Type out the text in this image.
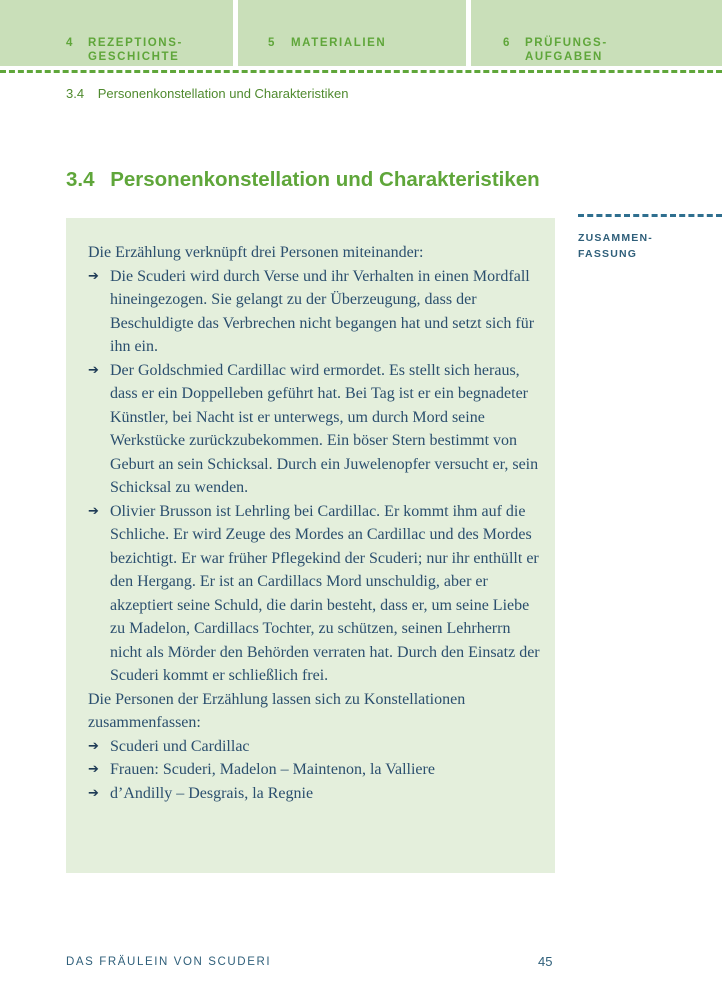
4 REZEPTIONS-
GESCHICHTE
5 MATERIALIEN	6 PRÜFUNGS-
AUFGABEN
3.4 Personenkonstellation und Charakteristiken
3.4 Personenkonstellation und Charakteristiken
ZUSAMMEN-
FASSUNG

Die Erzählung verknüpft drei Personen miteinander:

➔ Die Scuderi wird durch Verse und ihr Verhalten in einen Mordfall hineingezogen. Sie gelangt zu der Überzeugung, dass der Beschuldigte das Verbrechen nicht begangen hat und setzt sich für ihn ein.
➔ Der Goldschmied Cardillac wird ermordet. Es stellt sich heraus, dass er ein Doppelleben geführt hat. Bei Tag ist er ein begnadeter Künstler, bei Nacht ist er unterwegs, um durch Mord seine Werkstücke zurückzubekommen. Ein böser Stern bestimmt von Geburt an sein Schicksal. Durch ein Juwelenopfer versucht er, sein Schicksal zu wenden.
➔ Olivier Brusson ist Lehrling bei Cardillac. Er kommt ihm auf die Schliche. Er wird Zeuge des Mordes an Cardillac und des Mordes bezichtigt. Er war früher Pflegekind der Scuderi; nur ihr enthüllt er den Hergang. Er ist an Cardillacs Mord unschuldig, aber er akzeptiert seine Schuld, die darin besteht, dass er, um seine Liebe zu Madelon, Cardillacs Tochter, zu schützen, seinen Lehrherrn nicht als Mörder den Behörden verraten hat. Durch den Einsatz der Scuderi kommt er schließlich frei.

Die Personen der Erzählung lassen sich zu Konstellationen zusammenfassen:

➔ Scuderi und Cardillac
➔ Frauen: Scuderi, Madelon – Maintenon, la Valliere
➔ d’Andilly – Desgrais, la Regnie
DAS FRÄULEIN VON SCUDERI	45
